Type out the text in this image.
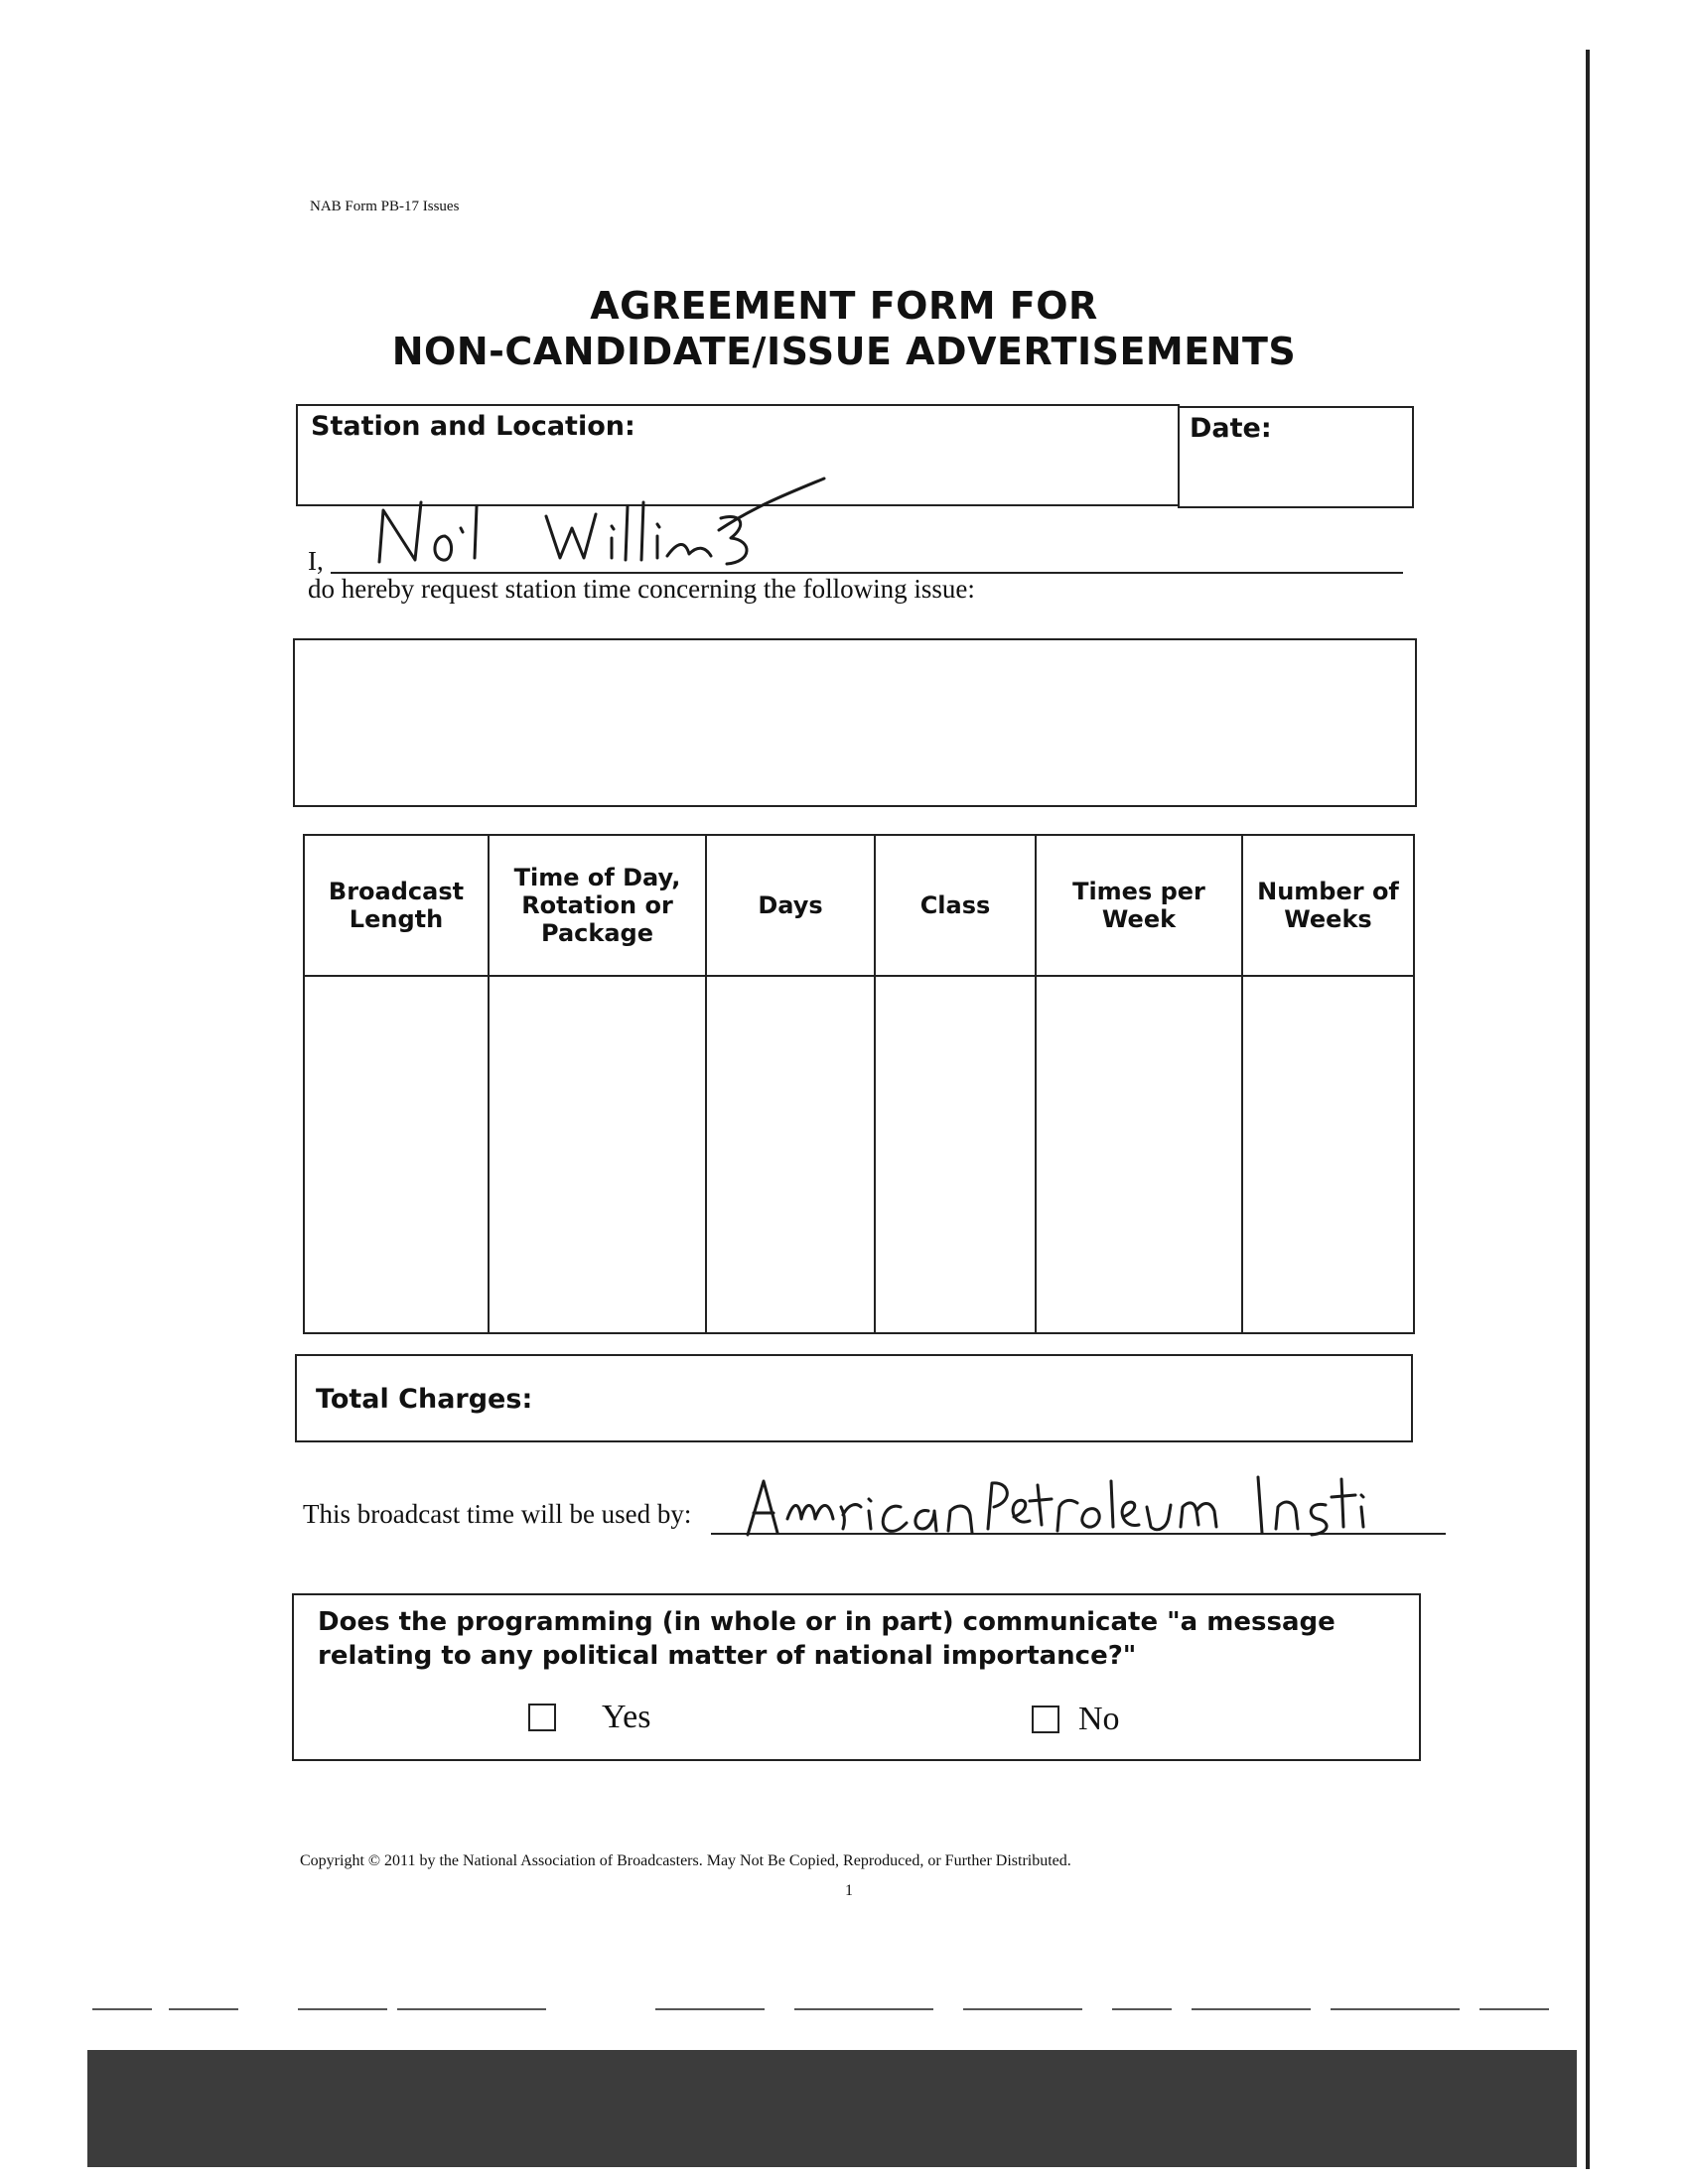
NAB Form PB-17 Issues
AGREEMENT FORM FOR
NON-CANDIDATE/ISSUE ADVERTISEMENTS
Station and Location:	Date:
I,
do hereby request station time concerning the following issue:
Broadcast Length	Time of Day, Rotation or Package	Days	Class	Times per Week	Number of Weeks

Total Charges:
This broadcast time will be used by:
Does the programming (in whole or in part) communicate "a message relating to any political matter of national importance?"
Yes	No
Copyright © 2011 by the National Association of Broadcasters. May Not Be Copied, Reproduced, or Further Distributed.
1
